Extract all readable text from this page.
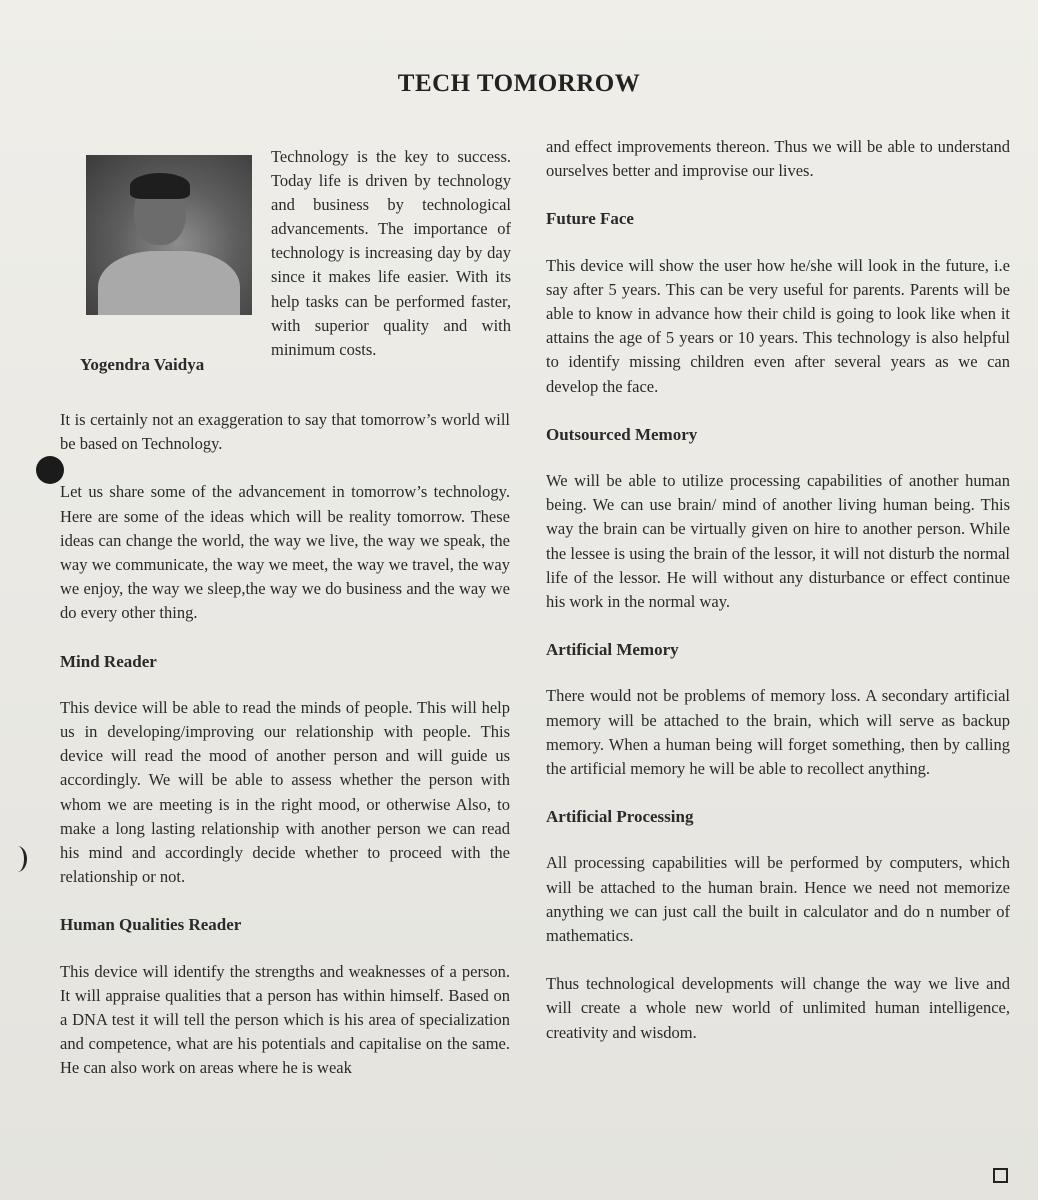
TECH TOMORROW
Yogendra Vaidya
Technology is the key to success. Today life is driven by technology and business by technological advancements. The importance of technology is increasing day by day since it makes life easier. With its help tasks can be performed faster, with superior quality and with minimum costs.

It is certainly not an exaggeration to say that tomorrow’s world will be based on Technology.

Let us share some of the advancement in tomorrow’s technology. Here are some of the ideas which will be reality tomorrow. These ideas can change the world, the way we live, the way we speak, the way we communicate, the way we meet, the way we travel, the way we enjoy, the way we sleep,the way we do business and the way we do every other thing.

Mind Reader

This device will be able to read the minds of people. This will help us in developing/improving our relationship with people. This device will read the mood of another person and will guide us accordingly. We will be able to assess whether the person with whom we are meeting is in the right mood, or otherwise Also, to make a long lasting relationship with another person we can read his mind and accordingly decide whether to proceed with the relationship or not.

Human Qualities Reader

This device will identify the strengths and weaknesses of a person. It will appraise qualities that a person has within himself. Based on a DNA test it will tell the person which is his area of specialization and competence, what are his potentials and capitalise on the same. He can also work on areas where he is weak

and effect improvements thereon. Thus we will be able to understand ourselves better and improvise our lives.

Future Face

This device will show the user how he/she will look in the future, i.e say after 5 years. This can be very useful for parents. Parents will be able to know in advance how their child is going to look like when it attains the age of 5 years or 10 years. This technology is also helpful to identify missing children even after several years as we can develop the face.

Outsourced Memory

We will be able to utilize processing capabilities of another human being. We can use brain/ mind of another living human being. This way the brain can be virtually given on hire to another person. While the lessee is using the brain of the lessor, it will not disturb the normal life of the lessor. He will without any disturbance or effect continue his work in the normal way.

Artificial Memory

There would not be problems of memory loss. A secondary artificial memory will be attached to the brain, which will serve as backup memory. When a human being will forget something, then by calling the artificial memory he will be able to recollect anything.

Artificial Processing

All processing capabilities will be performed by computers, which will be attached to the human brain. Hence we need not memorize anything we can just call the built in calculator and do n number of mathematics.

Thus technological developments will change the way we live and will create a whole new world of unlimited human intelligence, creativity and wisdom.
